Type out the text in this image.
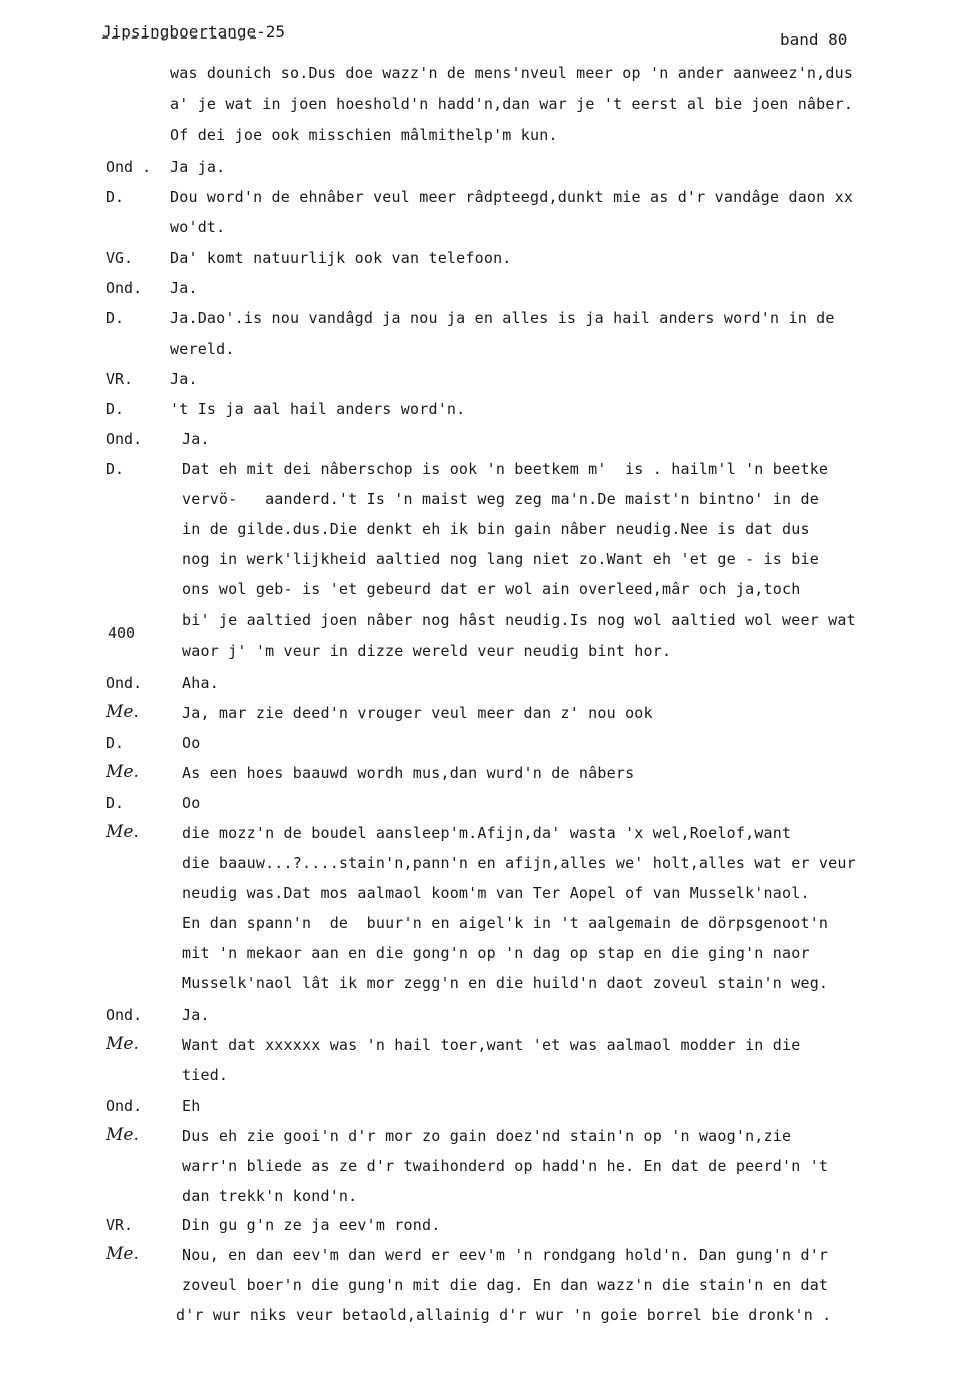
Jipsingboertange-25	band 80
Ond .
D.
VG.
Ond.
D.
VR.
D.
Ond.
D.
400
Ond.
Me.
D.
Me.
D.
Me.
Ond.
Me.
Ond.
Me.
VR.
Me.
was dounich so.Dus doe wazz'n de mens'nveul meer op 'n ander aanweez'n,dus
a' je wat in joen hoeshold'n hadd'n,dan war je 't eerst al bie joen nâber.
Of dei joe ook misschien mâlmithelp'm kun.
Ja ja.
Dou word'n de ehnâber veul meer râdpteegd,dunkt mie as d'r vandâge daon xx
wo'dt.
Da' komt natuurlijk ook van telefoon.
Ja.
Ja.Dao'.is nou vandâgd ja nou ja en alles is ja hail anders word'n in de
wereld.
Ja.
't Is ja aal hail anders word'n.
Ja.
Dat eh mit dei nâberschop is ook 'n beetkem m'  is . hailm'l 'n beetke
vervö-   aanderd.'t Is 'n maist weg zeg ma'n.De maist'n bintno' in de
in de gilde.dus.Die denkt eh ik bin gain nâber neudig.Nee is dat dus
nog in werk'lijkheid aaltied nog lang niet zo.Want eh 'et ge - is bie
ons wol geb- is 'et gebeurd dat er wol ain overleed,mâr och ja,toch
bi' je aaltied joen nâber nog hâst neudig.Is nog wol aaltied wol weer wat
waor j' 'm veur in dizze wereld veur neudig bint hor.
Aha.
Ja, mar zie deed'n vrouger veul meer dan z' nou ook
Oo
As een hoes baauwd wordh mus,dan wurd'n de nâbers
Oo
die mozz'n de boudel aansleep'm.Afijn,da' wasta 'x wel,Roelof,want
die baauw...?....stain'n,pann'n en afijn,alles we' holt,alles wat er veur
neudig was.Dat mos aalmaol koom'm van Ter Aopel of van Musselk'naol.
En dan spann'n  de  buur'n en aigel'k in 't aalgemain de dörpsgenoot'n
mit 'n mekaor aan en die gong'n op 'n dag op stap en die ging'n naor
Musselk'naol lât ik mor zegg'n en die huild'n daot zoveul stain'n weg.
Ja.
Want dat xxxxxx was 'n hail toer,want 'et was aalmaol modder in die
tied.
Eh
Dus eh zie gooi'n d'r mor zo gain doez'nd stain'n op 'n waog'n,zie
warr'n bliede as ze d'r twaihonderd op hadd'n he. En dat de peerd'n 't
dan trekk'n kond'n.
Din gu g'n ze ja eev'm rond.
Nou, en dan eev'm dan werd er eev'm 'n rondgang hold'n. Dan gung'n d'r
zoveul boer'n die gung'n mit die dag. En dan wazz'n die stain'n en dat
d'r wur niks veur betaold,allainig d'r wur 'n goie borrel bie dronk'n .
